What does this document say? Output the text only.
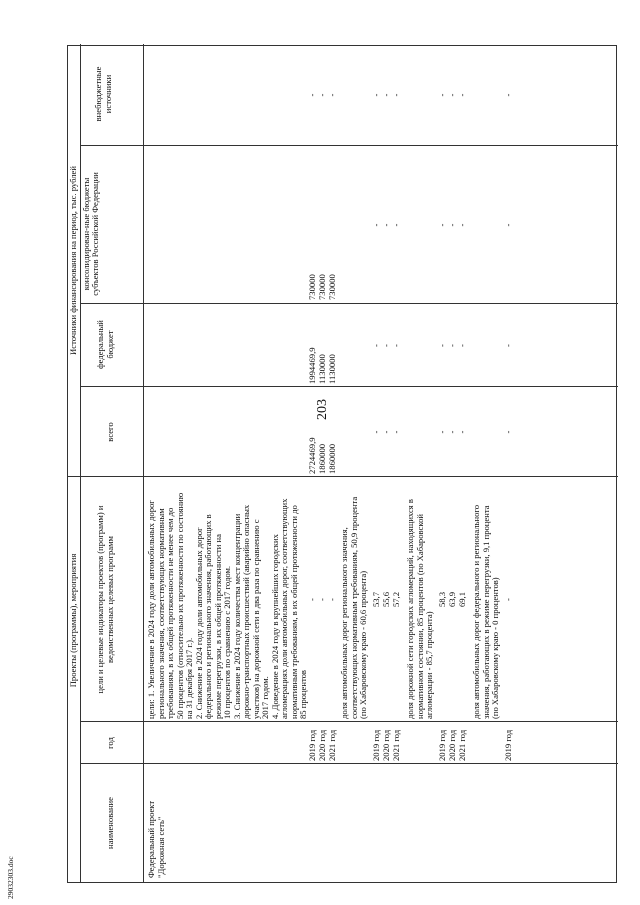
203
29032303.doc
Проекты (программы), мероприятия
Источники финансирования на период, тыс. рублей
наименование
год
цели и целевые индикаторы проектов (программ) и ведомственных целевых программ
всего
федеральный бюджет
консолидирован-ные бюджеты субъектов Российской Федерации
внебюджетные источники
Федеральный проект "Дорожная сеть"
цели: 1. Увеличение в 2024 году доли автомобильных дорог регионального значения, соответствующих нормативным требованиям, в их общей протяженности не менее чем до 50 процентов (относительно их протяженности по состоянию на 31 декабря 2017 г.). 2. Снижение в 2024 году доли автомобильных дорог федерального и регионального значения, работающих в режиме перегрузки, в их общей протяженности на 10 процентов по сравнению с 2017 годом. 3. Снижение в 2024 году количества мест концентрации дорожно-транспортных происшествий (аварийно опасных участков) на дорожной сети в два раза по сравнению с 2017 годом. 4. Доведение в 2024 году в крупнейших городских агломерациях доли автомобильных дорог, соответствующих нормативным требованиям, в их общей протяженности до 85 процентов
2019 год
-
2724469,9
1994469,9
730000
-
2020 год
-
1860000
1130000
730000
-
2021 год
-
1860000
1130000
730000
-
доля автомобильных дорог регионального значения, соответствующих нормативным требованиям, 50,9 процента (по Хабаровскому краю - 60,6 процента)
2019 год
53,7
-
-
-
-
2020 год
55,6
-
-
-
-
2021 год
57,2
-
-
-
-
доля дорожной сети городских агломераций, находящихся в нормативном состоянии, 85 процентов (по Хабаровской агломерации - 85,7 процента)
2019 год
58,3
-
-
-
-
2020 год
63,9
-
-
-
-
2021 год
69,1
-
-
-
-
доля автомобильных дорог федерального и регионального значения, работающих в режиме перегрузки, 9,1 процента (по Хабаровскому краю - 0 процентов)
2019 год
-
-
-
-
-
